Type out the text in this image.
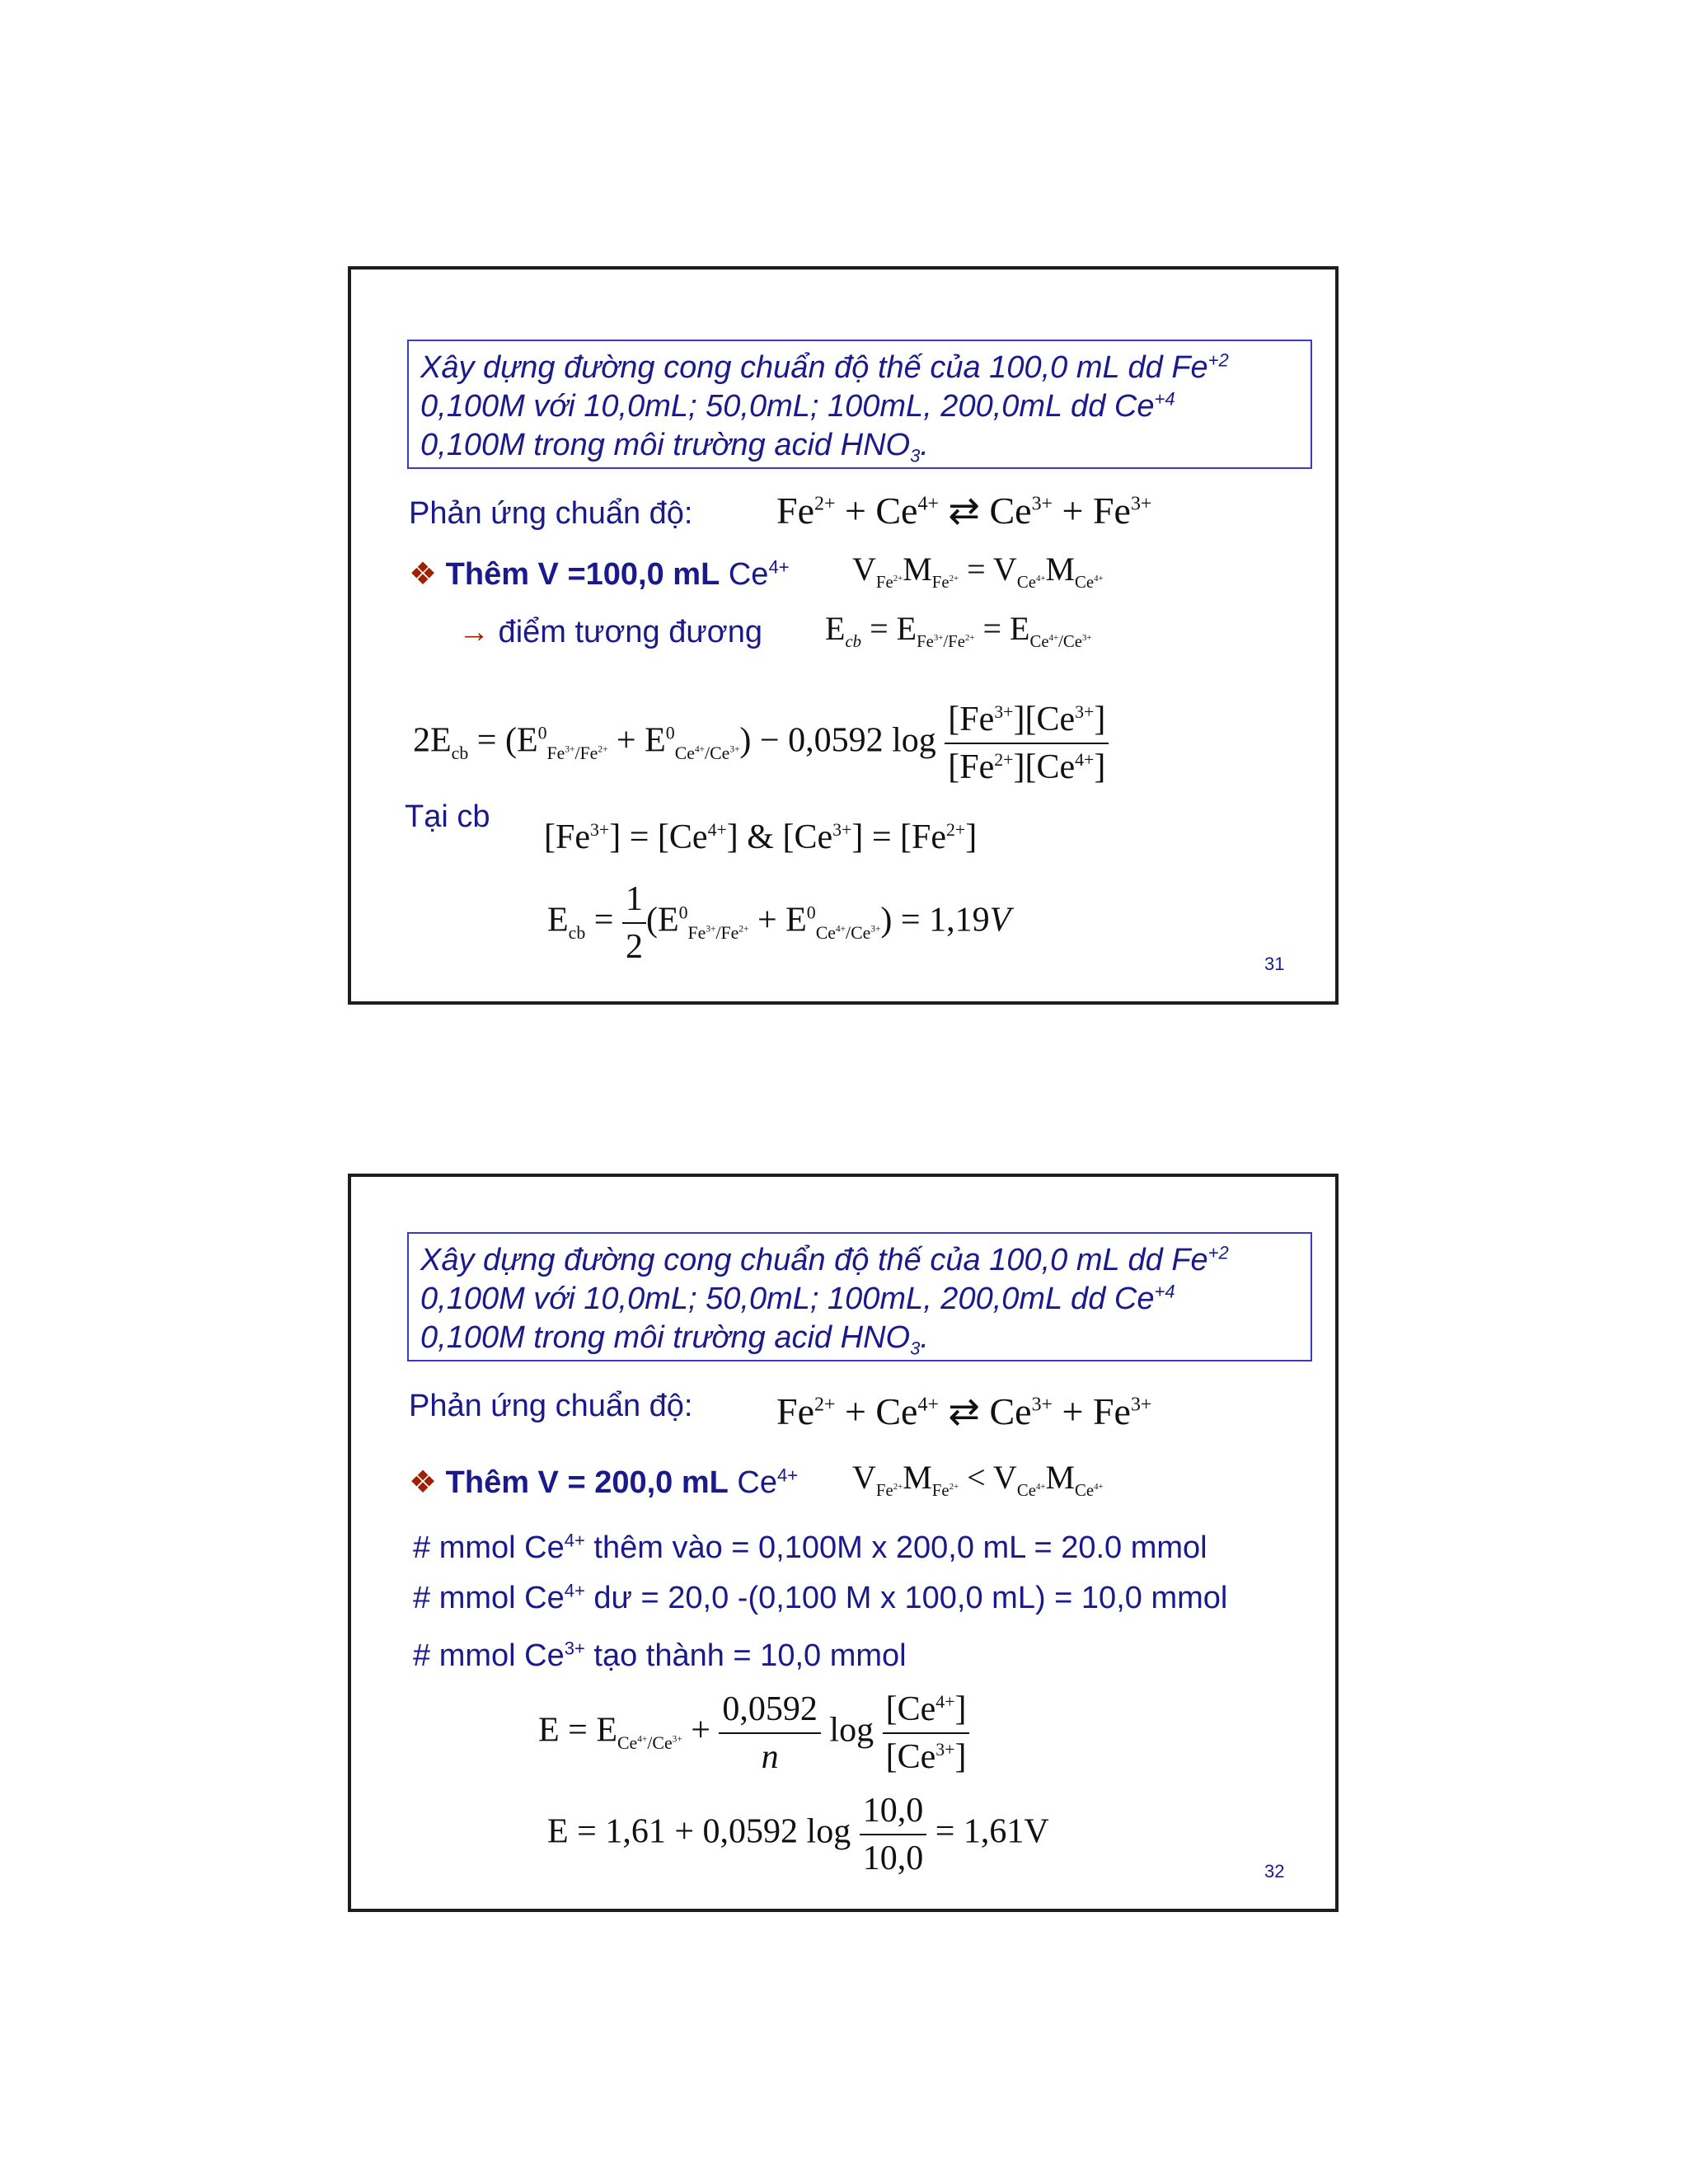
Xây dựng đường cong chuẩn độ thế của 100,0 mL dd $Fe^{+2}$
0,100M với 10,0mL; 50,0mL; 100mL, 200,0mL dd $Ce^{+4}$
0,100M trong môi trường acid $HNO_3$.
Phản ứng chuẩn độ: $Fe^{2+} + Ce^{4+}$ ⇄ $Ce^{3+} + Fe^{3+}$
❖ Thêm V =100,0 mL $Ce^{4+}$ $V_{Fe^{2+}}M_{Fe^{2+}} = V_{Ce^{4+}}M_{Ce^{4+}}$
→ điểm tương đương $E_{cb} = E_{Fe^{3+}/Fe^{2+}} = E_{Ce^{4+}/Ce^{3+}}$
$2E_{cb} = (E^0_{Fe^{3+}/Fe^{2+}} + E^0_{Ce^{4+}/Ce^{3+}}) - 0,0592$ $\log \frac{[Fe^{3+}][Ce^{3+}]}{[Fe^{2+}][Ce^{4+}]}$
Tại cb
$[Fe^{3+}] = [Ce^{4+}]$ & $[Ce^{3+}] = [Fe^{2+}]$
$E_{cb} = \frac{1}{2} (E^0_{Fe^{3+}/Fe^{2+}} + E^0_{Ce^{4+}/Ce^{3+}}) = 1,19V$
31
Xây dựng đường cong chuẩn độ thế của 100,0 mL dd $Fe^{+2}$
0,100M với 10,0mL; 50,0mL; 100mL, 200,0mL dd $Ce^{+4}$
0,100M trong môi trường acid $HNO_3$.
Phản ứng chuẩn độ: $Fe^{2+} + Ce^{4+}$ ⇄ $Ce^{3+} + Fe^{3+}$
❖ Thêm V = 200,0 mL $Ce^{4+}$ $V_{Fe^{2+}}M_{Fe^{2+}} < V_{Ce^{4+}}M_{Ce^{4+}}$
# mmol $Ce^{4+}$ thêm vào = 0,100M x 200,0 mL = 20.0 mmol
# mmol $Ce^{4+}$ dư = 20,0 -(0,100 M x 100,0 mL) = 10,0 mmol
# mmol $Ce^{3+}$ tạo thành = 10,0 mmol
$E = E_{Ce^{4+}/Ce^{3+}} + \frac{0,0592}{n}$ $\log \frac{[Ce^{4+}]}{[Ce^{3+}]}$
E = 1,61 + 0,0592 $\log \frac{10,0}{10,0} = 1,61V$
32
